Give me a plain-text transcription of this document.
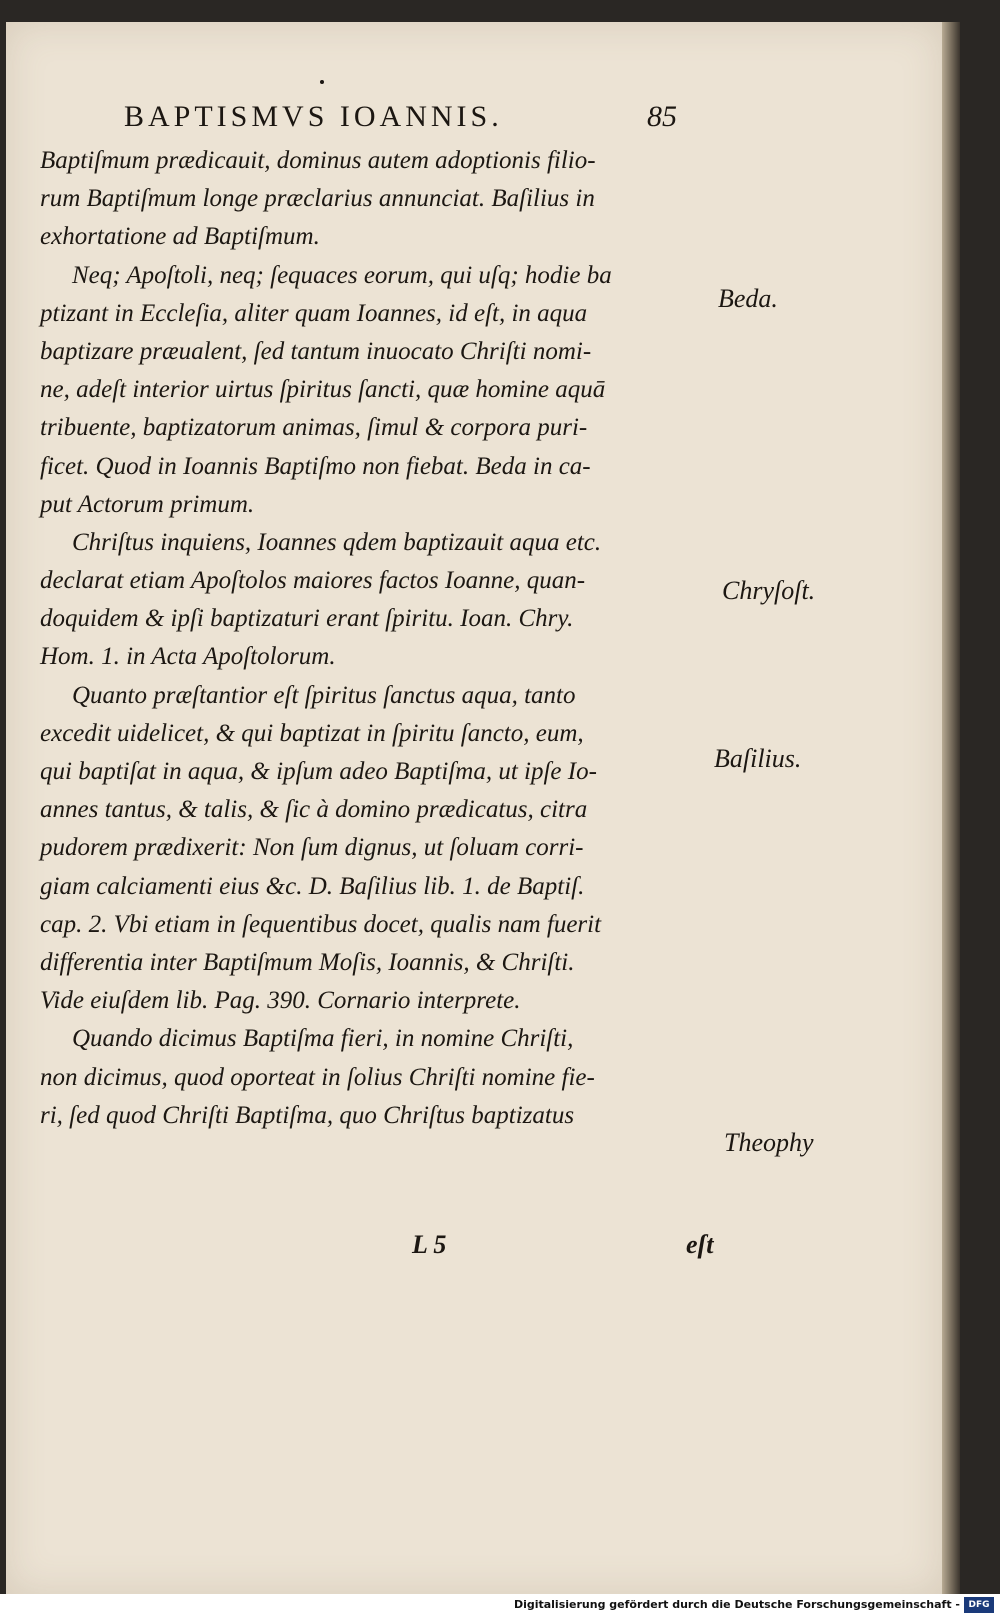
BAPTISMVS IOANNIS.	85
Baptiſmum prædicauit, dominus autem adoptionis filio-
rum Baptiſmum longe præclarius annunciat. Baſilius in
exhortatione ad Baptiſmum.
Neq; Apoſtoli, neq; ſequaces eorum, qui uſq; hodie ba
ptizant in Eccleſia, aliter quam Ioannes, id eſt, in aqua
baptizare præualent, ſed tantum inuocato Chriſti nomi-
ne, adeſt interior uirtus ſpiritus ſancti, quæ homine aquā
tribuente, baptizatorum animas, ſimul & corpora puri-
ficet. Quod in Ioannis Baptiſmo non fiebat. Beda in ca-
put Actorum primum.
Chriſtus inquiens, Ioannes qdem baptizauit aqua etc.
declarat etiam Apoſtolos maiores factos Ioanne, quan-
doquidem & ipſi baptizaturi erant ſpiritu. Ioan. Chry.
Hom. 1. in Acta Apoſtolorum.
Quanto præſtantior eſt ſpiritus ſanctus aqua, tanto
excedit uidelicet, & qui baptizat in ſpiritu ſancto, eum,
qui baptiſat in aqua, & ipſum adeo Baptiſma, ut ipſe Io-
annes tantus, & talis, & ſic à domino prædicatus, citra
pudorem prædixerit: Non ſum dignus, ut ſoluam corri-
giam calciamenti eius &c. D. Baſilius lib. 1. de Baptiſ.
cap. 2. Vbi etiam in ſequentibus docet, qualis nam fuerit
differentia inter Baptiſmum Moſis, Ioannis, & Chriſti.
Vide eiuſdem lib. Pag. 390. Cornario interprete.
Quando dicimus Baptiſma fieri, in nomine Chriſti,
non dicimus, quod oporteat in ſolius Chriſti nomine fie-
ri, ſed quod Chriſti Baptiſma, quo Chriſtus baptizatus
Beda.
Chryſoſt.
Baſilius.
Theophy
L 5	eſt
Digitalisierung gefördert durch die Deutsche Forschungsgemeinschaft - DFG
